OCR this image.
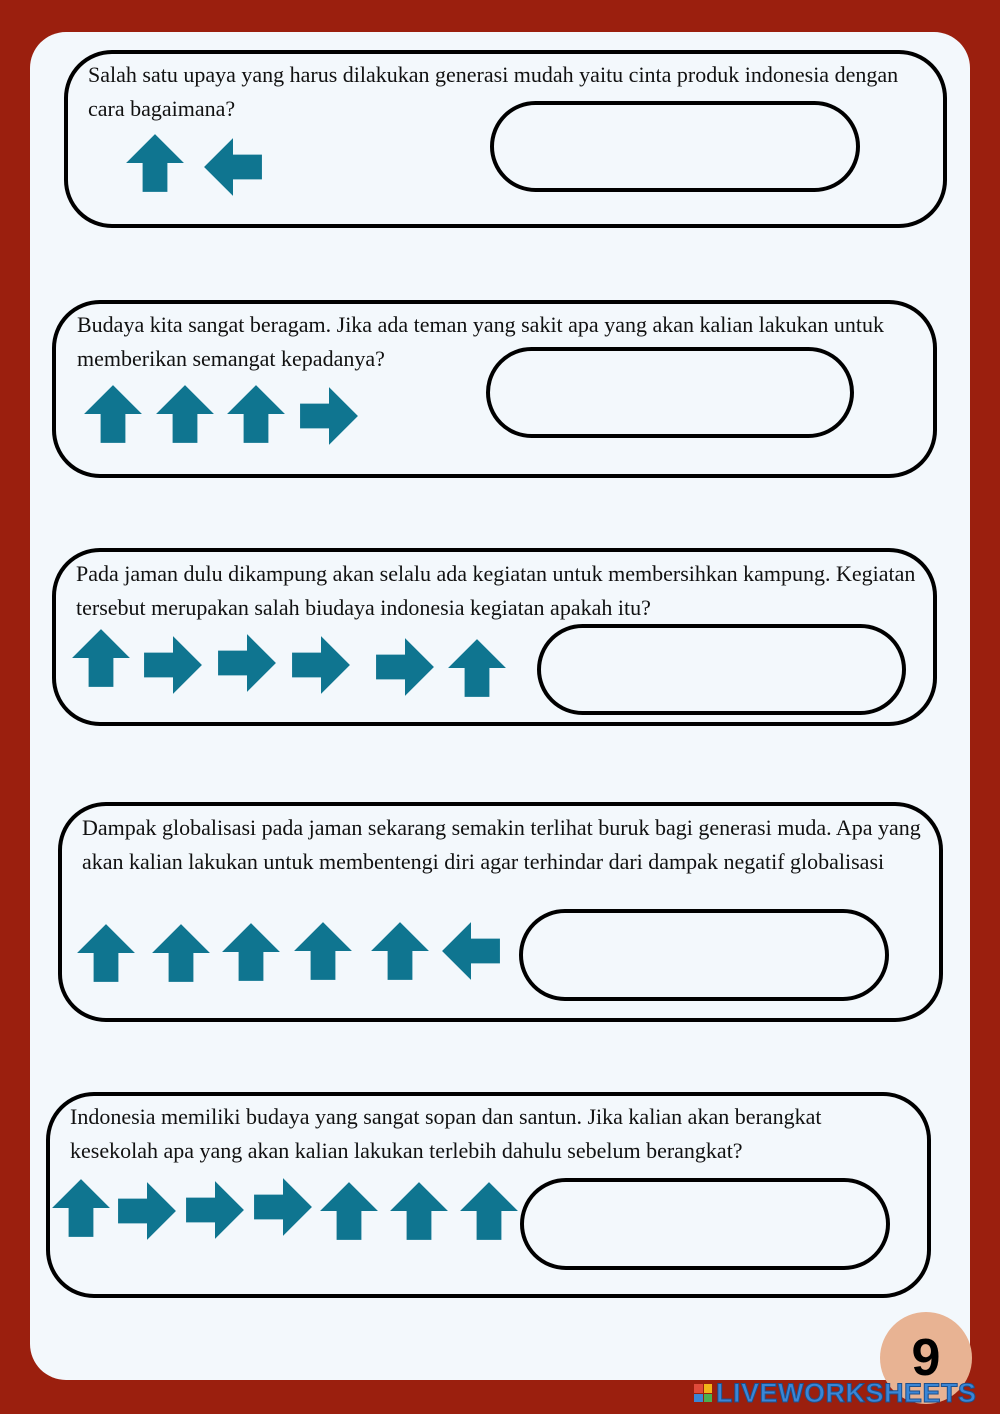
Salah satu upaya yang harus dilakukan generasi mudah yaitu cinta produk indonesia dengan cara bagaimana?

Budaya kita sangat beragam. Jika ada teman yang sakit apa yang akan kalian lakukan untuk memberikan semangat kepadanya?

Pada jaman dulu dikampung akan selalu ada kegiatan untuk membersihkan kampung. Kegiatan tersebut merupakan salah biudaya indonesia kegiatan apakah itu?

Dampak globalisasi pada jaman sekarang semakin terlihat buruk bagi generasi muda. Apa yang akan kalian lakukan untuk membentengi diri agar terhindar dari dampak negatif globalisasi

Indonesia memiliki budaya yang sangat sopan dan santun. Jika kalian akan berangkat kesekolah apa yang akan kalian lakukan terlebih dahulu sebelum berangkat?

9
LIVEWORKSHEETS
